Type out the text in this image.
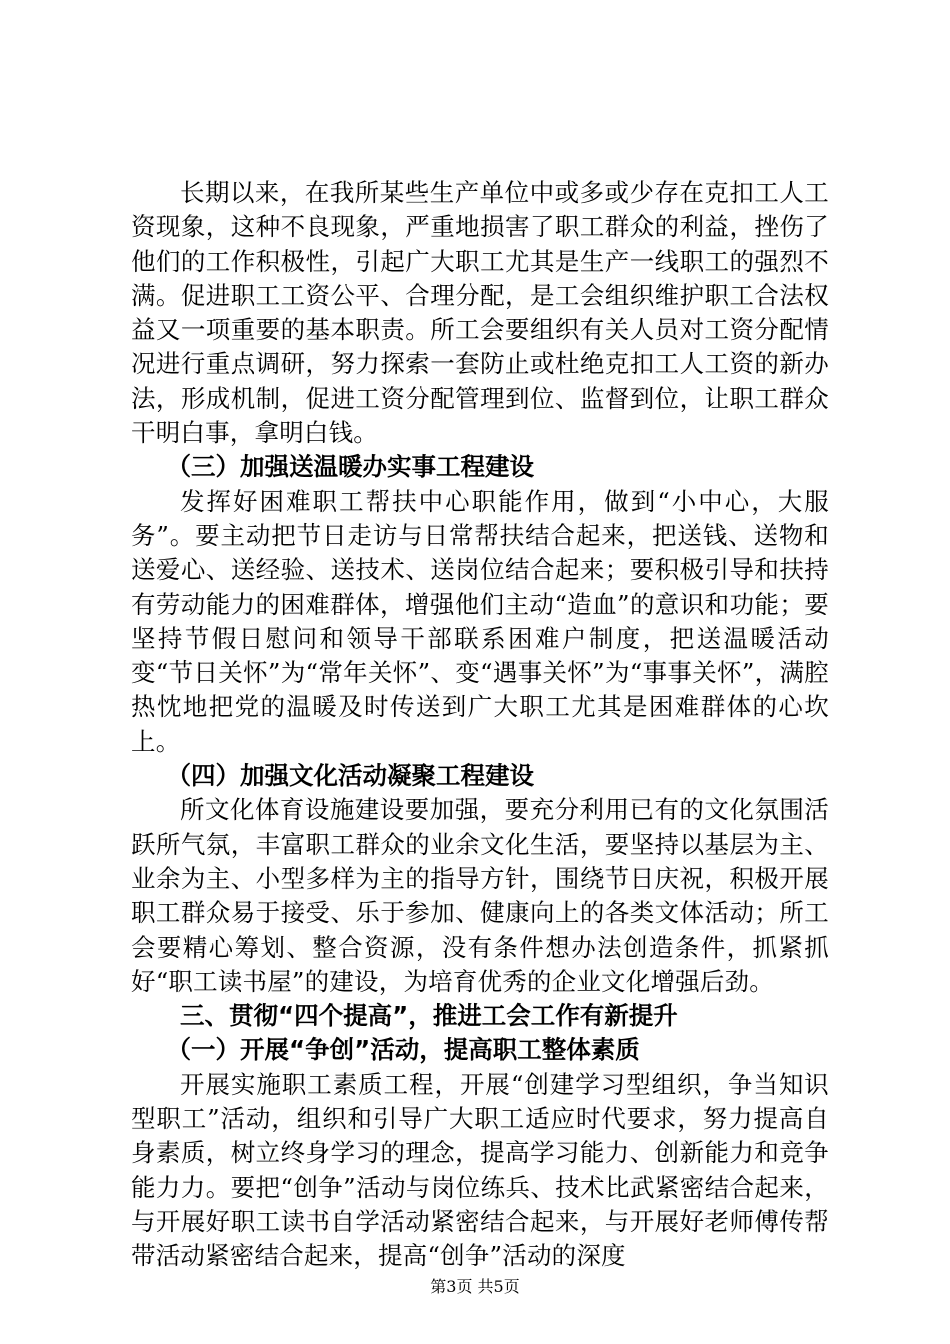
长期以来，在我所某些生产单位中或多或少存在克扣工人工资现象，这种不良现象，严重地损害了职工群众的利益，挫伤了他们的工作积极性，引起广大职工尤其是生产一线职工的强烈不满。促进职工工资公平、合理分配，是工会组织维护职工合法权益又一项重要的基本职责。所工会要组织有关人员对工资分配情况进行重点调研，努力探索一套防止或杜绝克扣工人工资的新办法，形成机制，促进工资分配管理到位、监督到位，让职工群众干明白事，拿明白钱。

（三）加强送温暖办实事工程建设

发挥好困难职工帮扶中心职能作用，做到“小中心，大服务”。要主动把节日走访与日常帮扶结合起来，把送钱、送物和送爱心、送经验、送技术、送岗位结合起来；要积极引导和扶持有劳动能力的困难群体，增强他们主动“造血”的意识和功能；要坚持节假日慰问和领导干部联系困难户制度，把送温暖活动变“节日关怀”为“常年关怀”、变“遇事关怀”为“事事关怀”，满腔热忱地把党的温暖及时传送到广大职工尤其是困难群体的心坎上。

（四）加强文化活动凝聚工程建设

所文化体育设施建设要加强，要充分利用已有的文化氛围活跃所气氛，丰富职工群众的业余文化生活，要坚持以基层为主、业余为主、小型多样为主的指导方针，围绕节日庆祝，积极开展职工群众易于接受、乐于参加、健康向上的各类文体活动；所工会要精心筹划、整合资源，没有条件想办法创造条件，抓紧抓好“职工读书屋”的建设，为培育优秀的企业文化增强后劲。

三、贯彻“四个提高”，推进工会工作有新提升

（一）开展“争创”活动，提高职工整体素质

开展实施职工素质工程，开展“创建学习型组织，争当知识型职工”活动，组织和引导广大职工适应时代要求，努力提高自身素质，树立终身学习的理念，提高学习能力、创新能力和竞争能力力。要把“创争”活动与岗位练兵、技术比武紧密结合起来，与开展好职工读书自学活动紧密结合起来，与开展好老师傅传帮带活动紧密结合起来，提高“创争”活动的深度

第3页 共5页
